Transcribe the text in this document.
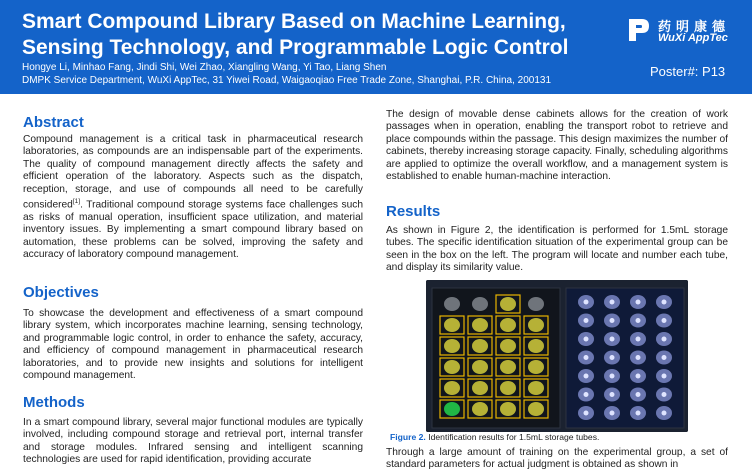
Smart Compound Library Based on Machine Learning, Sensing Technology, and Programmable Logic Control
Hongye Li, Minhao Fang, Jindi Shi, Wei Zhao, Xiangling Wang, Yi Tao, Liang Shen
DMPK Service Department, WuXi AppTec, 31 Yiwei Road, Waigaoqiao Free Trade Zone, Shanghai, P.R. China, 200131
药明康德
WuXi AppTec
Poster#: P13
Abstract

Compound management is a critical task in pharmaceutical research laboratories, as compounds are an indispensable part of the experiments. The quality of compound management directly affects the safety and efficient operation of the laboratory. Aspects such as the dispatch, reception, storage, and use of compounds all need to be carefully considered[1]. Traditional compound storage systems face challenges such as risks of manual operation, insufficient space utilization, and material inventory issues. By implementing a smart compound library based on automation, these problems can be solved, improving the safety and accuracy of laboratory compound management.

Objectives

To showcase the development and effectiveness of a smart compound library system, which incorporates machine learning, sensing technology, and programmable logic control, in order to enhance the safety, accuracy, and efficiency of compound management in pharmaceutical research laboratories, and to provide new insights and solutions for intelligent compound management.

Methods

In a smart compound library, several major functional modules are typically involved, including compound storage and retrieval port, internal transfer and storage modules. Infrared sensing and intelligent scanning technologies are used for rapid identification, providing accurate

The design of movable dense cabinets allows for the creation of work passages when in operation, enabling the transport robot to retrieve and place compounds within the passage. This design maximizes the number of cabinets, thereby increasing storage capacity. Finally, scheduling algorithms are applied to optimize the overall workflow, and a management system is established to enable human-machine interaction.

Results

As shown in Figure 2, the identification is performed for 1.5mL storage tubes. The specific identification situation of the experimental group can be seen in the box on the left. The program will locate and number each tube, and display its similarity value.

Figure 2. Identification results for 1.5mL storage tubes.

Through a large amount of training on the experimental group, a set of standard parameters for actual judgment is obtained as shown in
